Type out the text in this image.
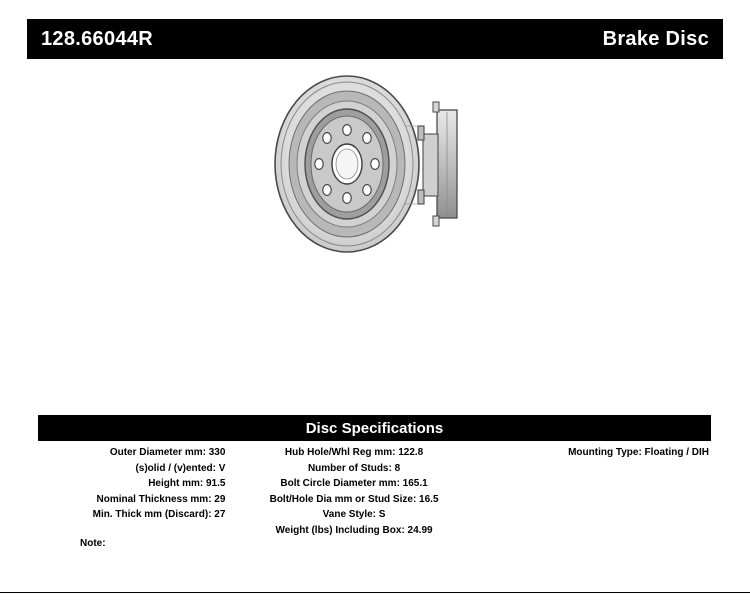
128.66044R	Brake Disc
Disc Specifications
Outer Diameter mm: 330
(s)olid / (v)ented: V
Height mm: 91.5
Nominal Thickness mm: 29
Min. Thick mm (Discard): 27
Hub Hole/Whl Reg mm: 122.8
Number of Studs: 8
Bolt Circle Diameter mm: 165.1
Bolt/Hole Dia mm or Stud Size: 16.5
Vane Style: S
Weight (lbs) Including Box: 24.99
Mounting Type: Floating / DIH
Note:
